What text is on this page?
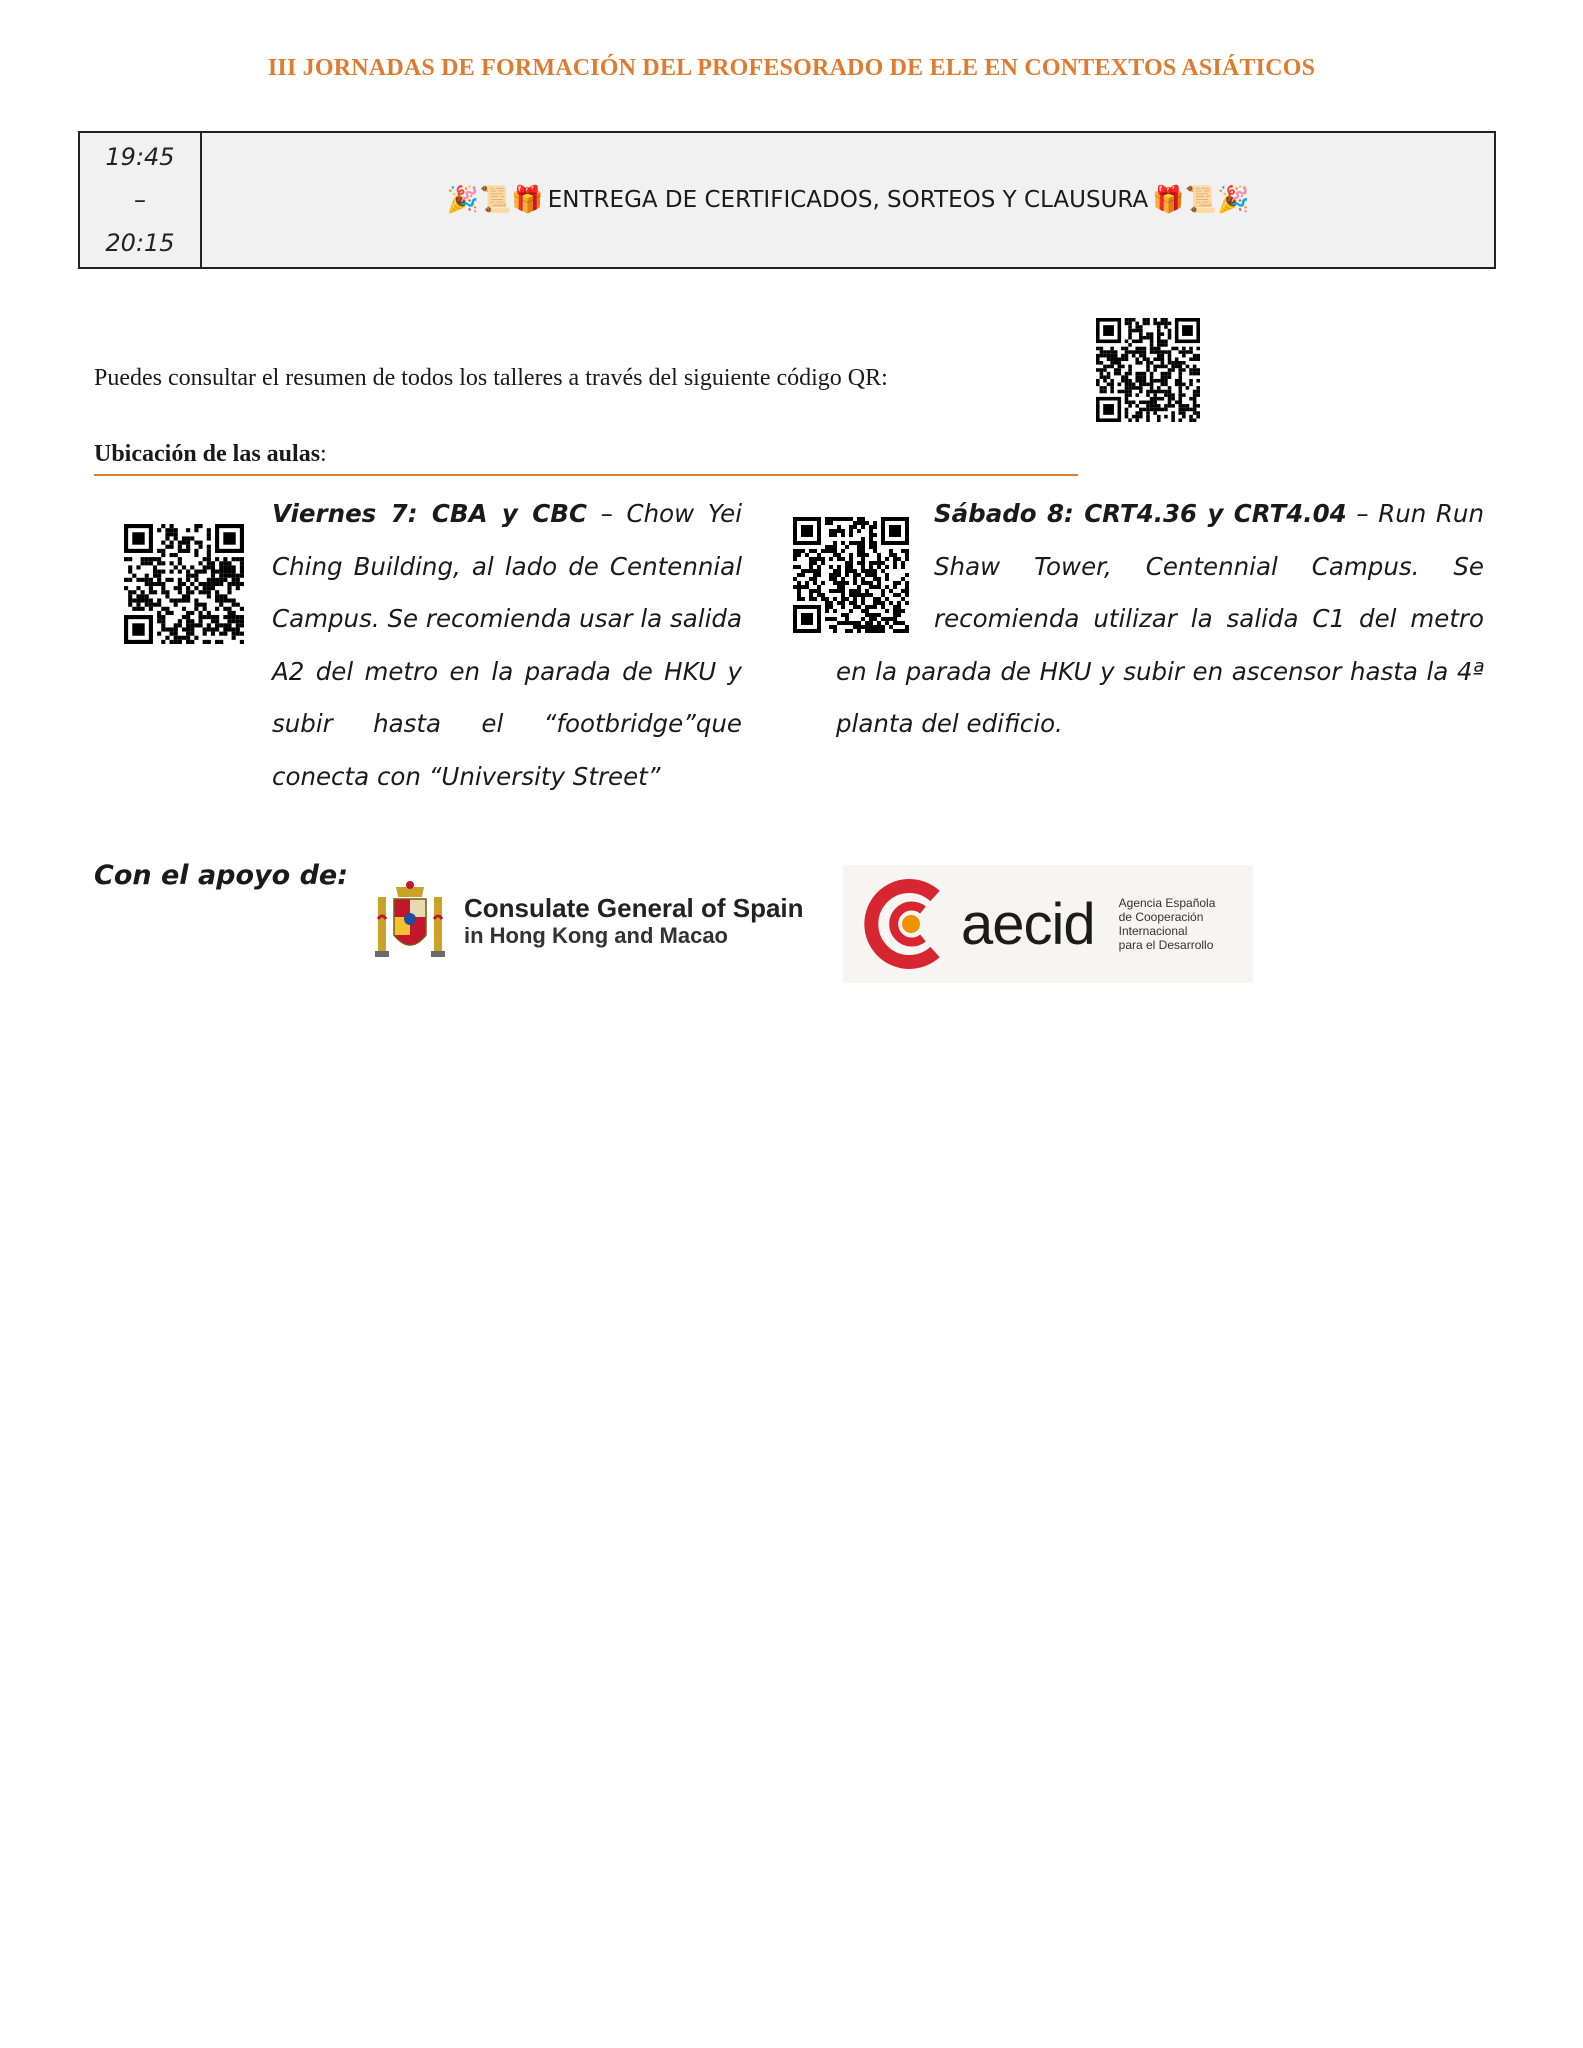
III JORNADAS DE FORMACIÓN DEL PROFESORADO DE ELE EN CONTEXTOS ASIÁTICOS
19:45
–
20:15
🎉📜🎁 ENTREGA DE CERTIFICADOS, SORTEOS Y CLAUSURA 🎁📜🎉
Puedes consultar el resumen de todos los talleres a través del siguiente código QR:
Ubicación de las aulas:
Viernes 7: CBA y CBC – Chow Yei Ching Building, al lado de Centennial Campus. Se recomienda usar la salida A2 del metro en la parada de HKU y subir hasta el “footbridge”que conecta con “University Street”
Sábado 8: CRT4.36 y CRT4.04 – Run Run Shaw Tower, Centennial Campus. Se recomienda utilizar la salida C1 del metro en la parada de HKU y subir en ascensor hasta la 4ª planta del edificio.
Con el apoyo de:
Consulate General of Spain
in Hong Kong and Macao	aecid Agencia Española
de Cooperación
Internacional
para el Desarrollo
